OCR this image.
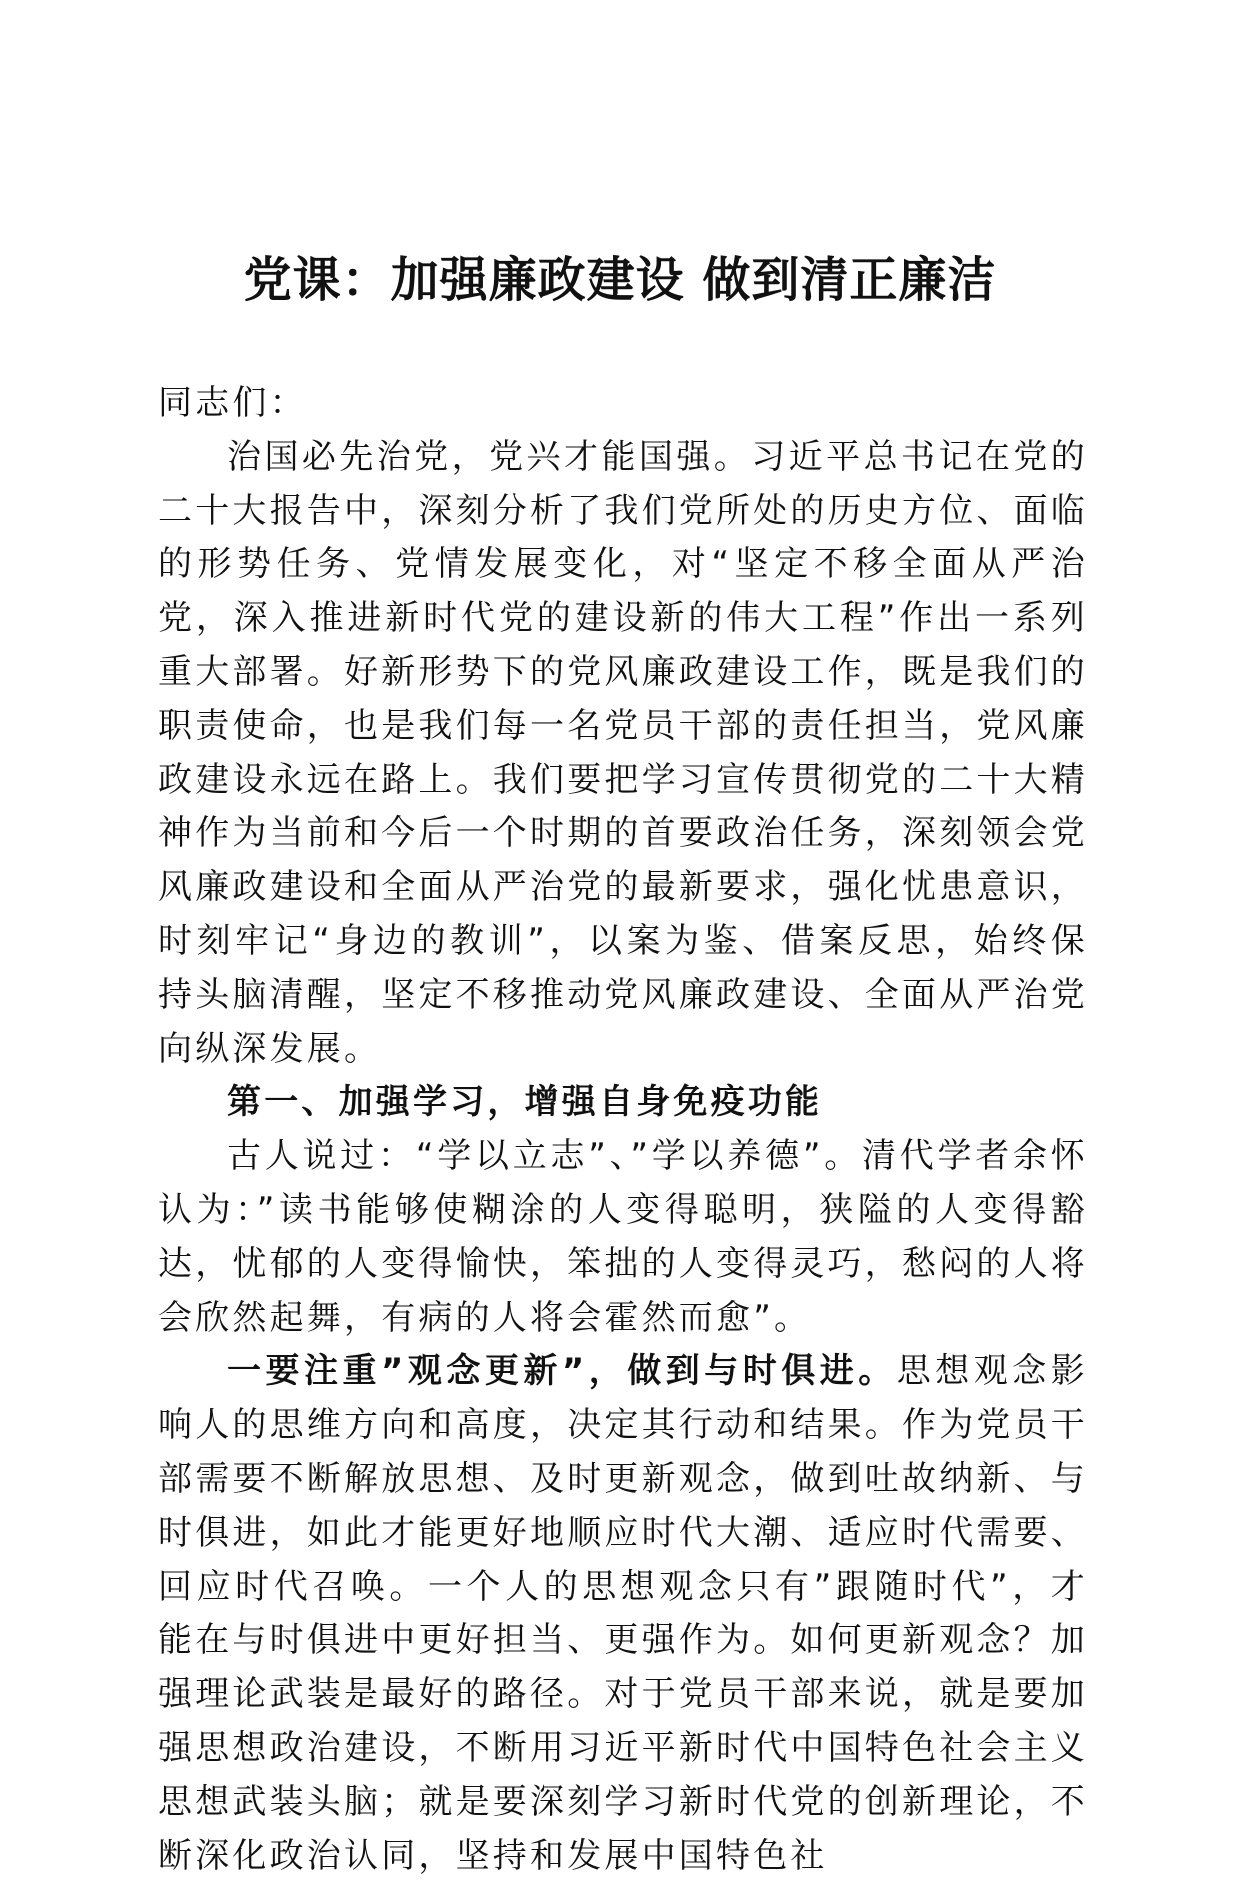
党课：加强廉政建设 做到清正廉洁

同志们：

治国必先治党，党兴才能国强。习近平总书记在党的二十大报告中，深刻分析了我们党所处的历史方位、面临的形势任务、党情发展变化，对“坚定不移全面从严治党，深入推进新时代党的建设新的伟大工程”作出一系列重大部署。好新形势下的党风廉政建设工作，既是我们的职责使命，也是我们每一名党员干部的责任担当，党风廉政建设永远在路上。我们要把学习宣传贯彻党的二十大精神作为当前和今后一个时期的首要政治任务，深刻领会党风廉政建设和全面从严治党的最新要求，强化忧患意识，时刻牢记“身边的教训”，以案为鉴、借案反思，始终保持头脑清醒，坚定不移推动党风廉政建设、全面从严治党向纵深发展。

第一、加强学习，增强自身免疫功能

古人说过：“学以立志”、”学以养德”。清代学者余怀认为：”读书能够使糊涂的人变得聪明，狭隘的人变得豁达，忧郁的人变得愉快，笨拙的人变得灵巧，愁闷的人将会欣然起舞，有病的人将会霍然而愈”。

一要注重”观念更新”，做到与时俱进。思想观念影响人的思维方向和高度，决定其行动和结果。作为党员干部需要不断解放思想、及时更新观念，做到吐故纳新、与时俱进，如此才能更好地顺应时代大潮、适应时代需要、回应时代召唤。一个人的思想观念只有”跟随时代”，才能在与时俱进中更好担当、更强作为。如何更新观念？加强理论武装是最好的路径。对于党员干部来说，就是要加强思想政治建设，不断用习近平新时代中国特色社会主义思想武装头脑；就是要深刻学习新时代党的创新理论，不断深化政治认同，坚持和发展中国特色社
